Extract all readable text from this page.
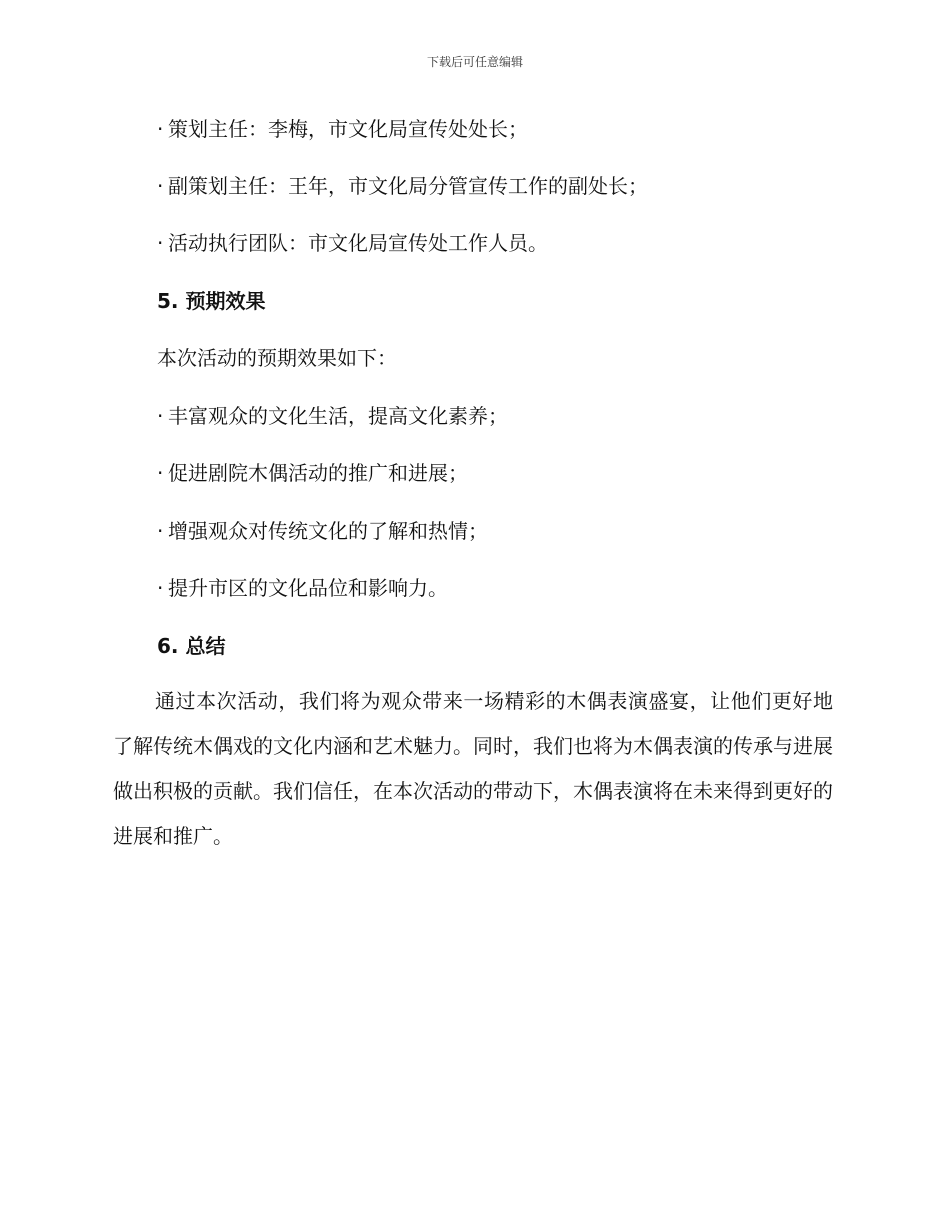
下载后可任意编辑
· 策划主任：李梅，市文化局宣传处处长；
· 副策划主任：王年，市文化局分管宣传工作的副处长；
· 活动执行团队：市文化局宣传处工作人员。
5. 预期效果
本次活动的预期效果如下：
· 丰富观众的文化生活，提高文化素养；
· 促进剧院木偶活动的推广和进展；
· 增强观众对传统文化的了解和热情；
· 提升市区的文化品位和影响力。
6. 总结
通过本次活动，我们将为观众带来一场精彩的木偶表演盛宴，让他们更好地了解传统木偶戏的文化内涵和艺术魅力。同时，我们也将为木偶表演的传承与进展做出积极的贡献。我们信任，在本次活动的带动下，木偶表演将在未来得到更好的进展和推广。
